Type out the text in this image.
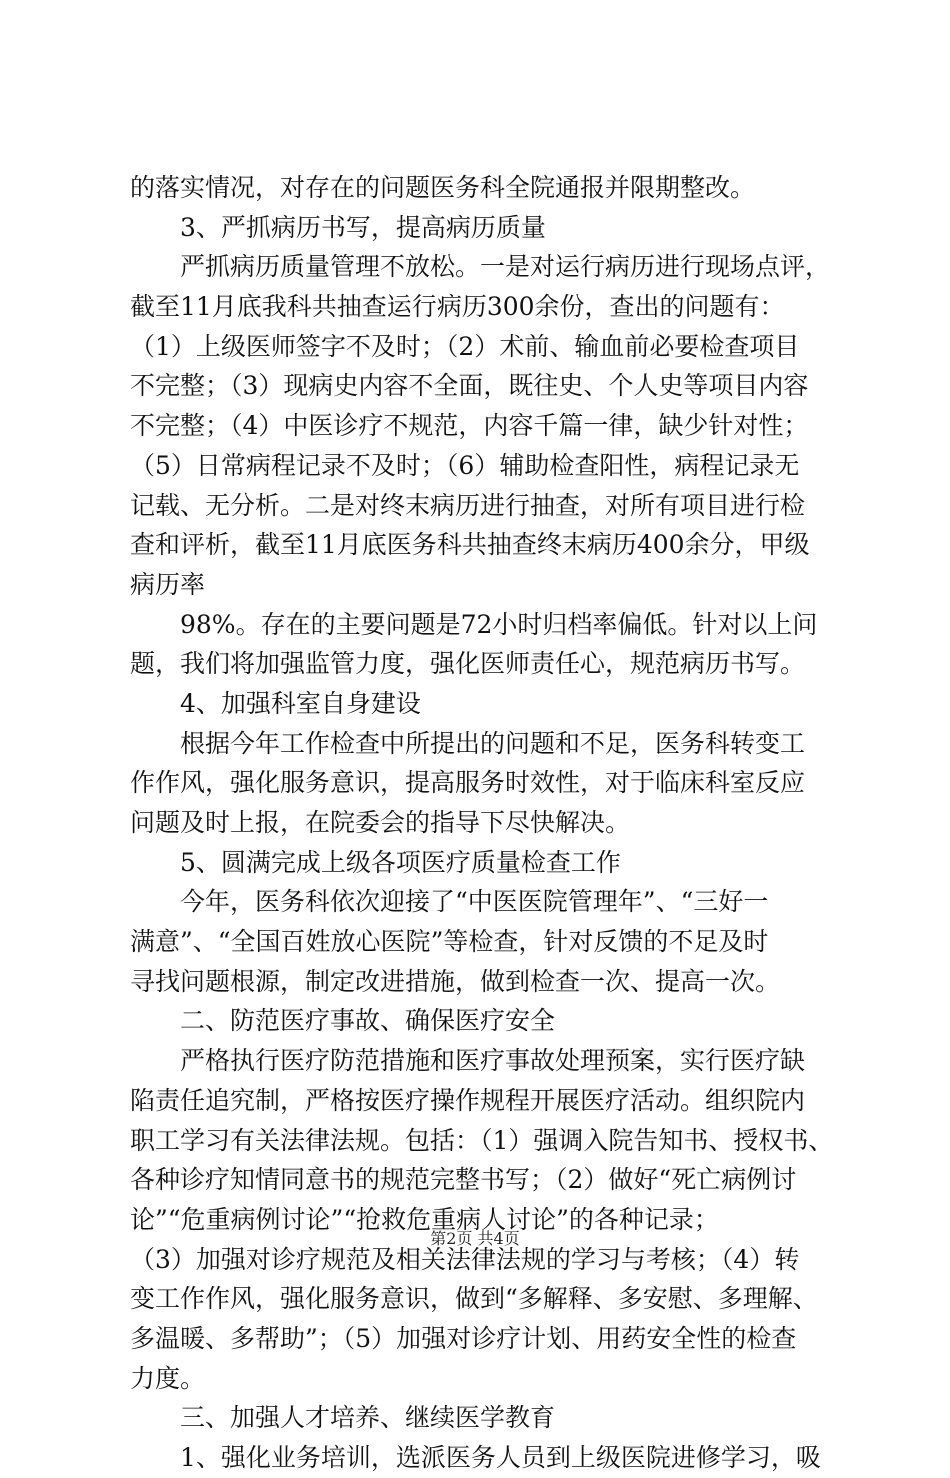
的落实情况，对存在的问题医务科全院通报并限期整改。
3、严抓病历书写，提高病历质量
严抓病历质量管理不放松。一是对运行病历进行现场点评，
截至11月底我科共抽查运行病历300余份，查出的问题有：
（1）上级医师签字不及时；（2）术前、输血前必要检查项目
不完整；（3）现病史内容不全面，既往史、个人史等项目内容
不完整；（4）中医诊疗不规范，内容千篇一律，缺少针对性；
（5）日常病程记录不及时；（6）辅助检查阳性，病程记录无
记载、无分析。二是对终末病历进行抽查，对所有项目进行检
查和评析，截至11月底医务科共抽查终末病历400余分，甲级
病历率
98%。存在的主要问题是72小时归档率偏低。针对以上问
题，我们将加强监管力度，强化医师责任心，规范病历书写。
4、加强科室自身建设
根据今年工作检查中所提出的问题和不足，医务科转变工
作作风，强化服务意识，提高服务时效性，对于临床科室反应
问题及时上报，在院委会的指导下尽快解决。
5、圆满完成上级各项医疗质量检查工作
今年，医务科依次迎接了“中医医院管理年”、“三好一
满意”、“全国百姓放心医院”等检查，针对反馈的不足及时
寻找问题根源，制定改进措施，做到检查一次、提高一次。
二、防范医疗事故、确保医疗安全
严格执行医疗防范措施和医疗事故处理预案，实行医疗缺
陷责任追究制，严格按医疗操作规程开展医疗活动。组织院内
职工学习有关法律法规。包括：（1）强调入院告知书、授权书、
各种诊疗知情同意书的规范完整书写；（2）做好“死亡病例讨
论”“危重病例讨论”“抢救危重病人讨论”的各种记录；
（3）加强对诊疗规范及相关法律法规的学习与考核；（4）转
变工作作风，强化服务意识，做到“多解释、多安慰、多理解、
多温暖、多帮助”；（5）加强对诊疗计划、用药安全性的检查
力度。
三、加强人才培养、继续医学教育
1、强化业务培训，选派医务人员到上级医院进修学习，吸
第2页 共4页
